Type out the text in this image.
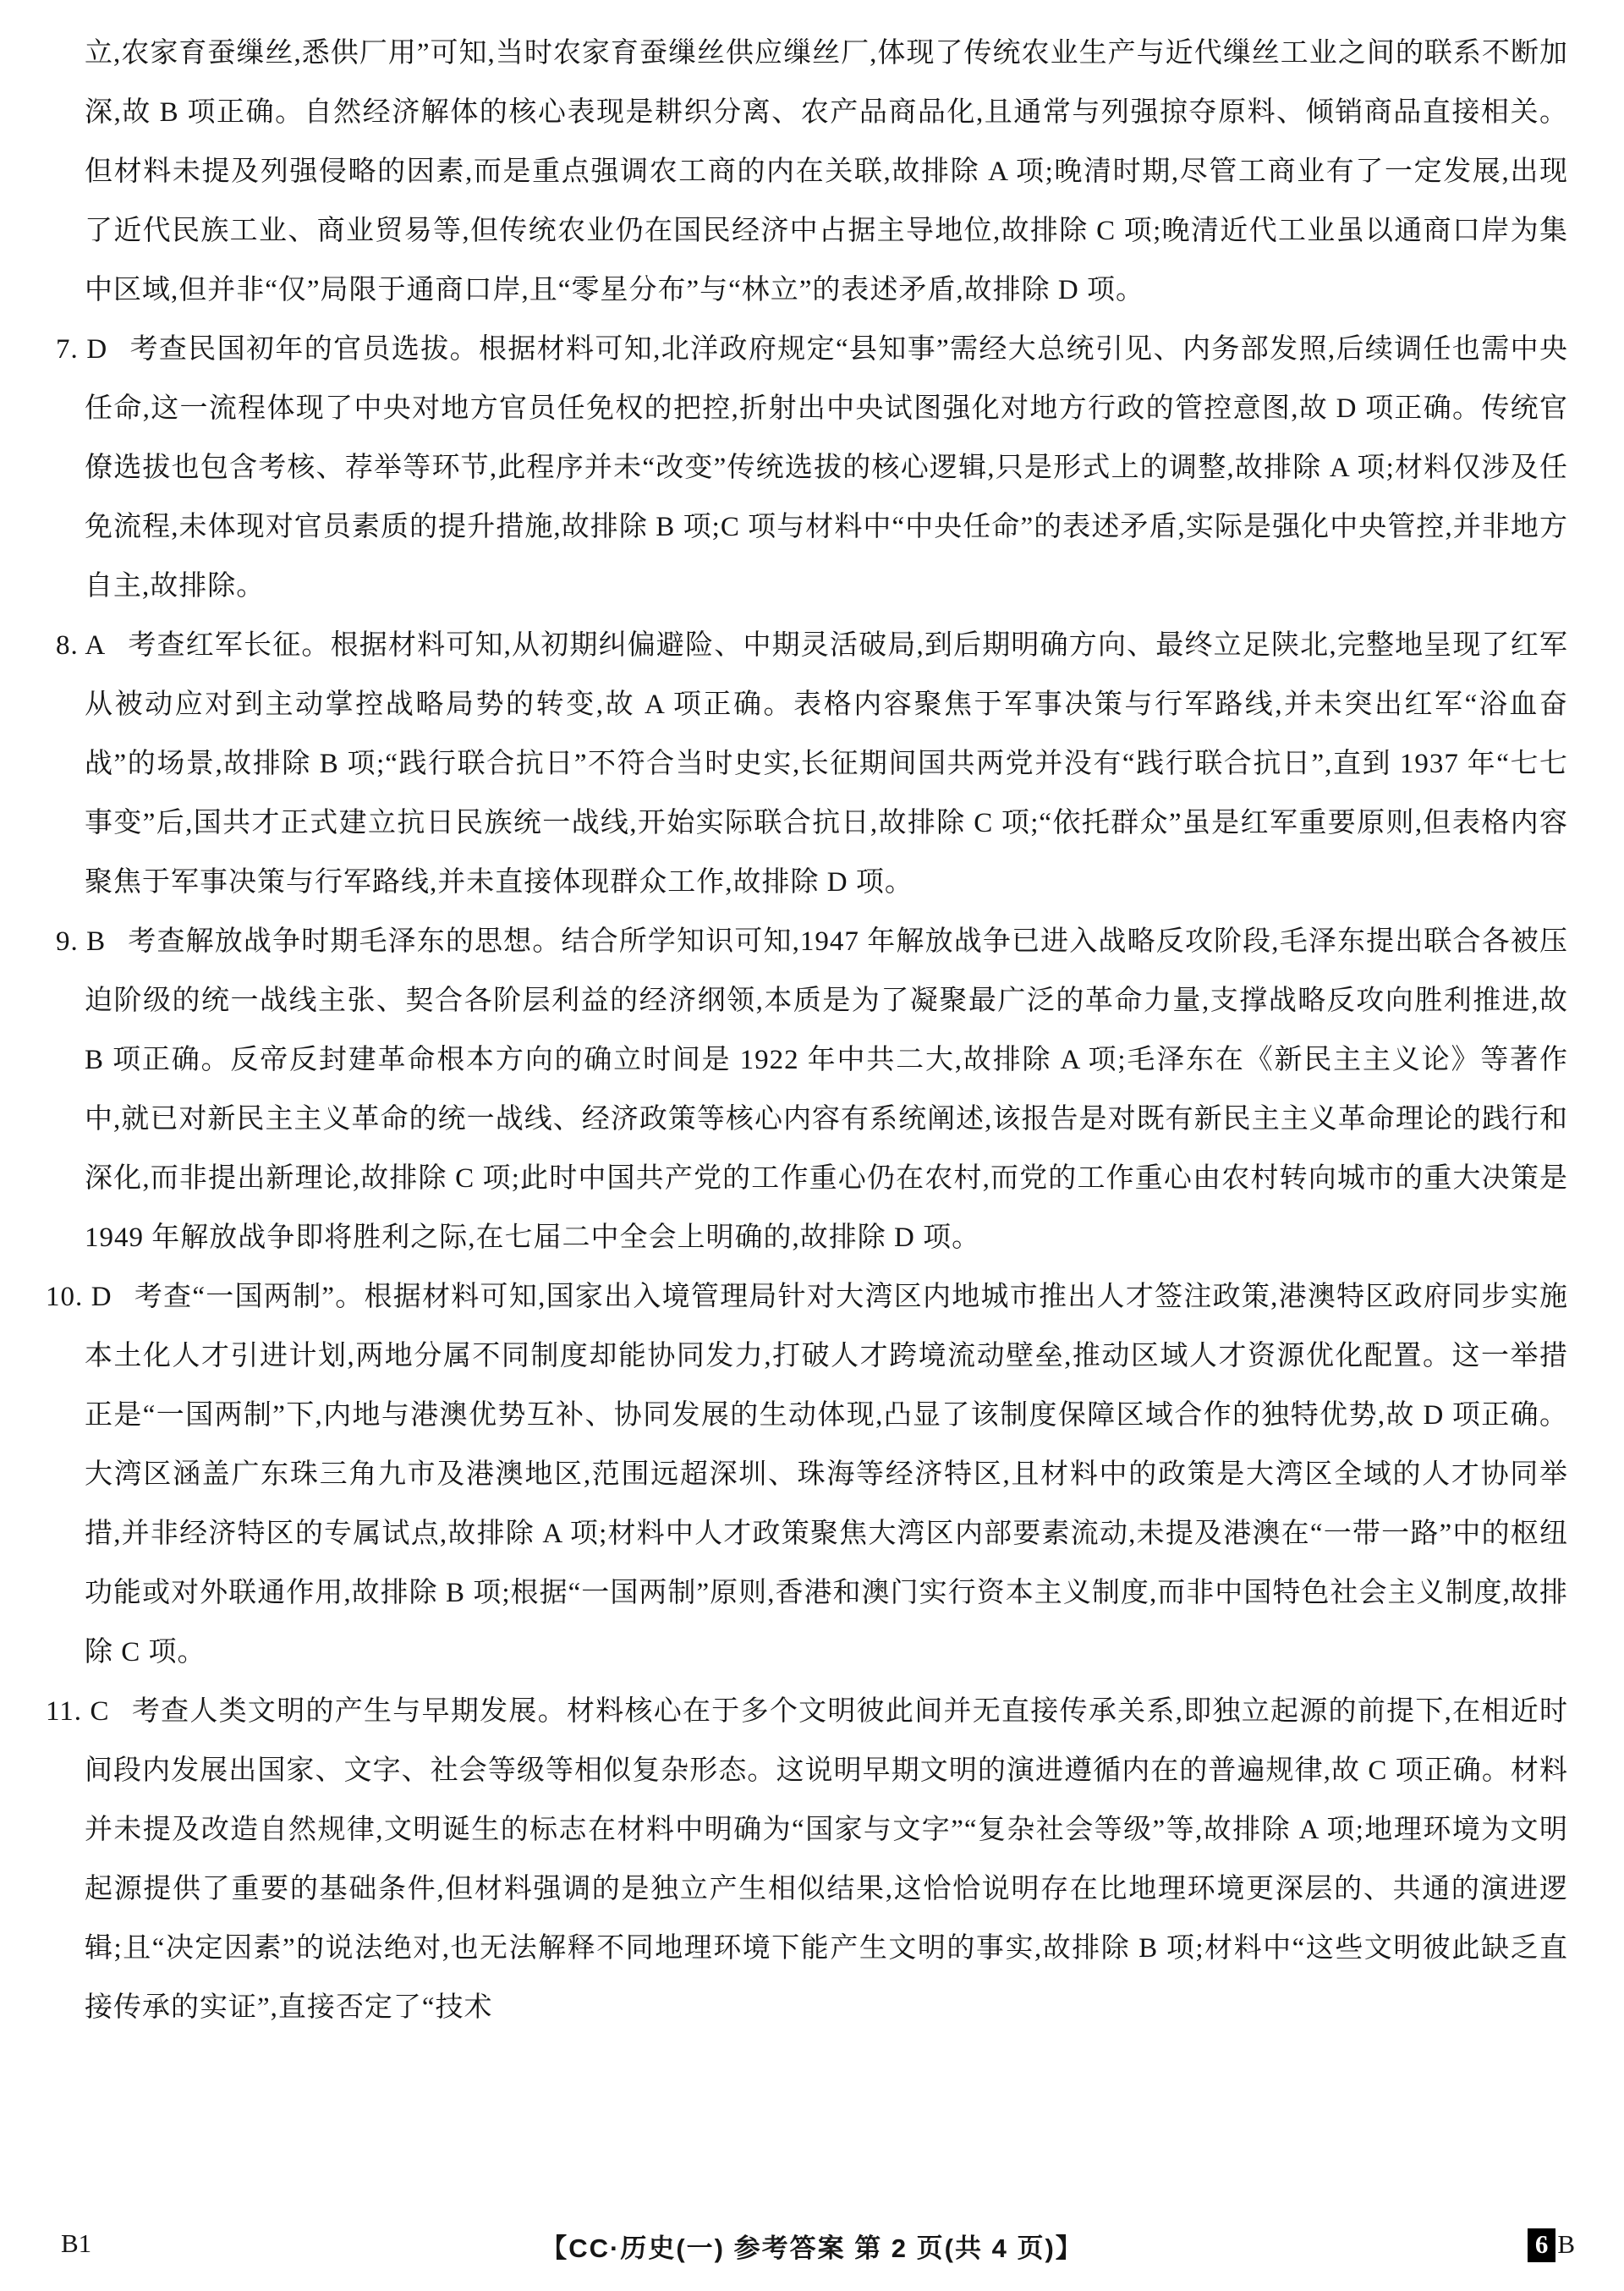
立,农家育蚕缫丝,悉供厂用”可知,当时农家育蚕缫丝供应缫丝厂,体现了传统农业生产与近代缫丝工业之间的联系不断加深,故 B 项正确。自然经济解体的核心表现是耕织分离、农产品商品化,且通常与列强掠夺原料、倾销商品直接相关。但材料未提及列强侵略的因素,而是重点强调农工商的内在关联,故排除 A 项;晚清时期,尽管工商业有了一定发展,出现了近代民族工业、商业贸易等,但传统农业仍在国民经济中占据主导地位,故排除 C 项;晚清近代工业虽以通商口岸为集中区域,但并非“仅”局限于通商口岸,且“零星分布”与“林立”的表述矛盾,故排除 D 项。

7. D 考查民国初年的官员选拔。根据材料可知,北洋政府规定“县知事”需经大总统引见、内务部发照,后续调任也需中央任命,这一流程体现了中央对地方官员任免权的把控,折射出中央试图强化对地方行政的管控意图,故 D 项正确。传统官僚选拔也包含考核、荐举等环节,此程序并未“改变”传统选拔的核心逻辑,只是形式上的调整,故排除 A 项;材料仅涉及任免流程,未体现对官员素质的提升措施,故排除 B 项;C 项与材料中“中央任命”的表述矛盾,实际是强化中央管控,并非地方自主,故排除。

8. A 考查红军长征。根据材料可知,从初期纠偏避险、中期灵活破局,到后期明确方向、最终立足陕北,完整地呈现了红军从被动应对到主动掌控战略局势的转变,故 A 项正确。表格内容聚焦于军事决策与行军路线,并未突出红军“浴血奋战”的场景,故排除 B 项;“践行联合抗日”不符合当时史实,长征期间国共两党并没有“践行联合抗日”,直到 1937 年“七七事变”后,国共才正式建立抗日民族统一战线,开始实际联合抗日,故排除 C 项;“依托群众”虽是红军重要原则,但表格内容聚焦于军事决策与行军路线,并未直接体现群众工作,故排除 D 项。

9. B 考查解放战争时期毛泽东的思想。结合所学知识可知,1947 年解放战争已进入战略反攻阶段,毛泽东提出联合各被压迫阶级的统一战线主张、契合各阶层利益的经济纲领,本质是为了凝聚最广泛的革命力量,支撑战略反攻向胜利推进,故 B 项正确。反帝反封建革命根本方向的确立时间是 1922 年中共二大,故排除 A 项;毛泽东在《新民主主义论》等著作中,就已对新民主主义革命的统一战线、经济政策等核心内容有系统阐述,该报告是对既有新民主主义革命理论的践行和深化,而非提出新理论,故排除 C 项;此时中国共产党的工作重心仍在农村,而党的工作重心由农村转向城市的重大决策是 1949 年解放战争即将胜利之际,在七届二中全会上明确的,故排除 D 项。

10. D 考查“一国两制”。根据材料可知,国家出入境管理局针对大湾区内地城市推出人才签注政策,港澳特区政府同步实施本土化人才引进计划,两地分属不同制度却能协同发力,打破人才跨境流动壁垒,推动区域人才资源优化配置。这一举措正是“一国两制”下,内地与港澳优势互补、协同发展的生动体现,凸显了该制度保障区域合作的独特优势,故 D 项正确。大湾区涵盖广东珠三角九市及港澳地区,范围远超深圳、珠海等经济特区,且材料中的政策是大湾区全域的人才协同举措,并非经济特区的专属试点,故排除 A 项;材料中人才政策聚焦大湾区内部要素流动,未提及港澳在“一带一路”中的枢纽功能或对外联通作用,故排除 B 项;根据“一国两制”原则,香港和澳门实行资本主义制度,而非中国特色社会主义制度,故排除 C 项。

11. C 考查人类文明的产生与早期发展。材料核心在于多个文明彼此间并无直接传承关系,即独立起源的前提下,在相近时间段内发展出国家、文字、社会等级等相似复杂形态。这说明早期文明的演进遵循内在的普遍规律,故 C 项正确。材料并未提及改造自然规律,文明诞生的标志在材料中明确为“国家与文字”“复杂社会等级”等,故排除 A 项;地理环境为文明起源提供了重要的基础条件,但材料强调的是独立产生相似结果,这恰恰说明存在比地理环境更深层的、共通的演进逻辑;且“决定因素”的说法绝对,也无法解释不同地理环境下能产生文明的事实,故排除 B 项;材料中“这些文明彼此缺乏直接传承的实证”,直接否定了“技术

B1	【CC·历史(一) 参考答案 第 2 页(共 4 页)】	6 B
